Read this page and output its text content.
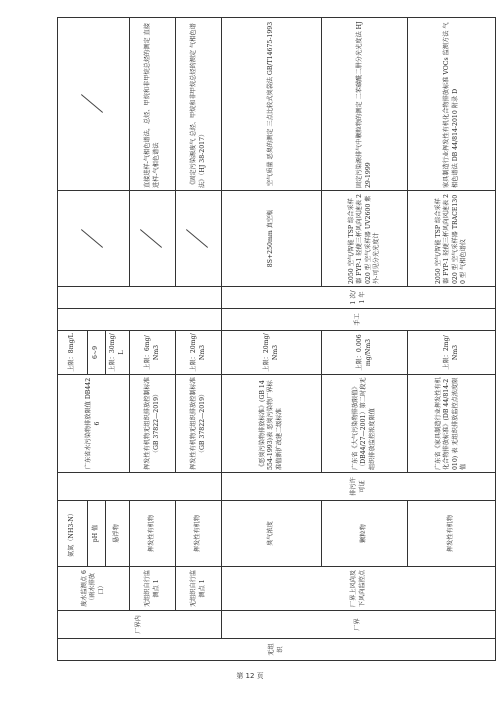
无组织	厂界内	废水监测点 6（雨水排放口）	氨氮（NH3-N）		广东省水污染物排放限值 DB4426	上限：8mg/L				
			pH 值			6~9				
			悬浮物			上限：30mg/L				
		无组织自行监测点 1	挥发性有机物		挥发性有机物无组织排放控制标准（GB 37822—2019）	上限：6mg/Nm3				直接进样-气相色谱法，总烃、甲烷和非甲烷总烃的测定 直接进样-气相色谱法
		无组织自行监测点 1	挥发性有机物		挥发性有机物无组织排放控制标准（GB 37822—2019）	上限：20mg/Nm3				《固定污染源废气 总烃、甲烷和非甲烷总烃的测定 气相色谱法》（HJ 38-2017）
	厂界	厂界上风向及下风向监控点	臭气浓度	排污许可证	《恶臭污染物排放标准》(GB 14554-1993)表 恶臭污染物厂界标准值新扩改建二级标准	上限：20mg/Nm3	手工	1 次/1 年	8S+250mm 真空瓶	空气质量 恶臭的测定 三点比较式臭袋法 GB/T14675-1993
			颗粒物		广东省《大气污染物排放限值》（DB44/27—2001）第二时段无组织排放监控浓度限值	上限：0.006mg/Nm3			2050 空气/智能 TSP 综合采样器 FYP-1 轻便三杯风向风速表 2020 型 空气采样器 UV2600 紫外-可见分光光度计	固定污染源排气中颗粒物的测定 二苯碳酰二肼分光光度法 HJ 29-1999
			挥发性有机物		广东省《家具制造行业挥发性有机化合物排放标准》(DB 44/814-2010) 表 无组织排放监控点浓度限值	上限：2mg/Nm3			2050 空气/智能 TSP 综合采样器 FYP-1 轻便三杯风向风速表 2020 型 空气采样器 TRACE1300 型 气相色谱仪	家具制造行业挥发性有机化合物排放标准 VOCs 监测方法 气相色谱法 DB 44/814-2010 附录 D
第 12 页
